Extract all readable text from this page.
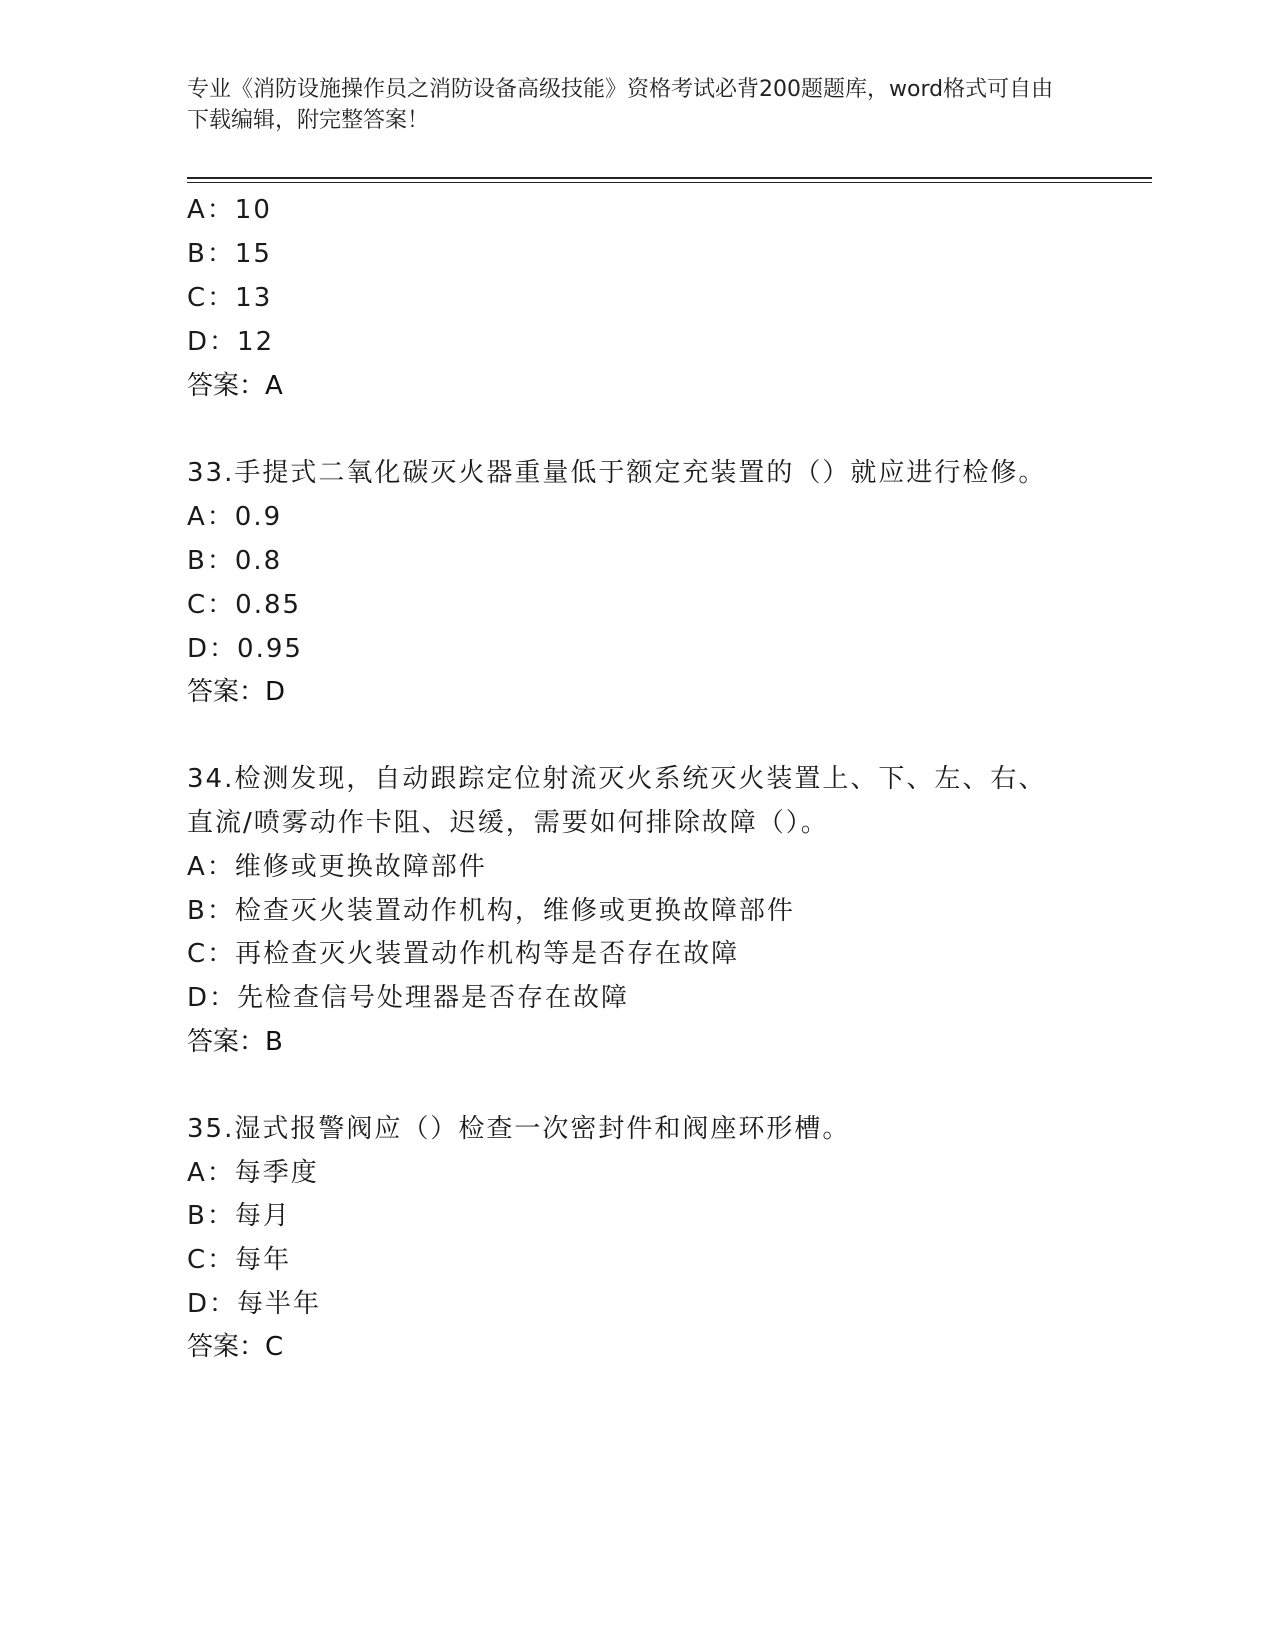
专业《消防设施操作员之消防设备高级技能》资格考试必背200题题库，word格式可自由下载编辑，附完整答案！
A：10
B：15
C：13
D：12
答案：A
33.手提式二氧化碳灭火器重量低于额定充装置的（）就应进行检修。
A：0.9
B：0.8
C：0.85
D：0.95
答案：D
34.检测发现，自动跟踪定位射流灭火系统灭火装置上、下、左、右、
直流/喷雾动作卡阻、迟缓，需要如何排除故障（）。
A：维修或更换故障部件
B：检查灭火装置动作机构，维修或更换故障部件
C：再检查灭火装置动作机构等是否存在故障
D：先检查信号处理器是否存在故障
答案：B
35.湿式报警阀应（）检查一次密封件和阀座环形槽。
A：每季度
B：每月
C：每年
D：每半年
答案：C
